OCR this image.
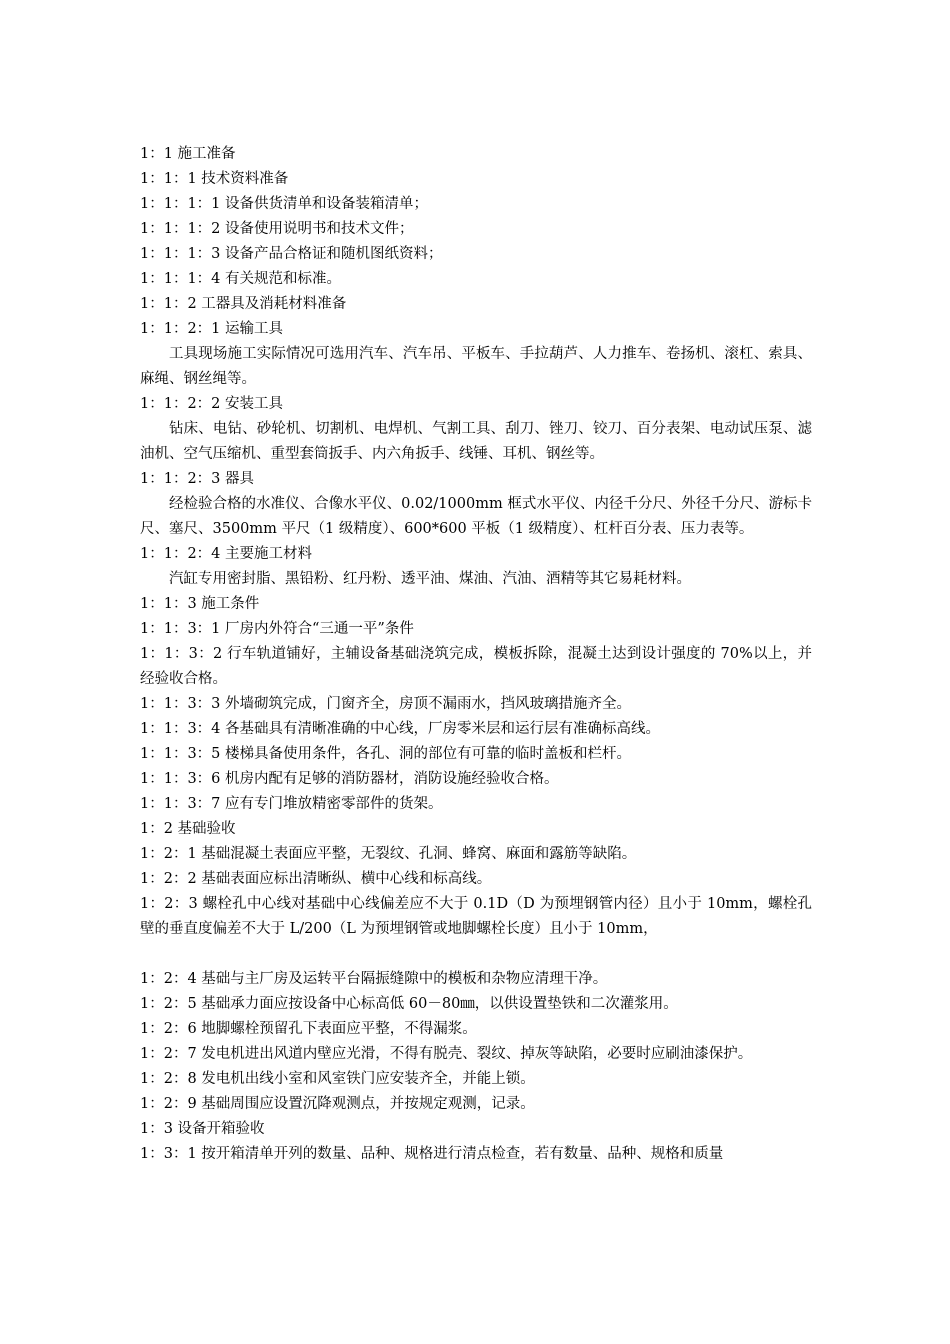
1：1 施工准备

1：1：1 技术资料准备

1：1：1：1 设备供货清单和设备装箱清单；

1：1：1：2 设备使用说明书和技术文件；

1：1：1：3 设备产品合格证和随机图纸资料；

1：1：1：4 有关规范和标准。

1：1：2 工器具及消耗材料准备

1：1：2：1 运输工具

工具现场施工实际情况可选用汽车、汽车吊、平板车、手拉葫芦、人力推车、卷扬机、滚杠、索具、麻绳、钢丝绳等。

1：1：2：2 安装工具

钻床、电钻、砂轮机、切割机、电焊机、气割工具、刮刀、锉刀、铰刀、百分表架、电动试压泵、滤油机、空气压缩机、重型套筒扳手、内六角扳手、线锤、耳机、钢丝等。

1：1：2：3 器具

经检验合格的水准仪、合像水平仪、0.02/1000mm 框式水平仪、内径千分尺、外径千分尺、游标卡尺、塞尺、3500mm 平尺（1 级精度）、600*600 平板（1 级精度）、杠杆百分表、压力表等。

1：1：2：4 主要施工材料

汽缸专用密封脂、黑铅粉、红丹粉、透平油、煤油、汽油、酒精等其它易耗材料。

1：1：3 施工条件

1：1：3：1 厂房内外符合“三通一平”条件

1：1：3：2 行车轨道铺好，主辅设备基础浇筑完成，模板拆除，混凝土达到设计强度的 70%以上，并经验收合格。

1：1：3：3 外墙砌筑完成，门窗齐全，房顶不漏雨水，挡风玻璃措施齐全。

1：1：3：4 各基础具有清晰准确的中心线，厂房零米层和运行层有准确标高线。

1：1：3：5 楼梯具备使用条件，各孔、洞的部位有可靠的临时盖板和栏杆。

1：1：3：6 机房内配有足够的消防器材，消防设施经验收合格。

1：1：3：7 应有专门堆放精密零部件的货架。

1：2 基础验收

1：2：1 基础混凝土表面应平整，无裂纹、孔洞、蜂窝、麻面和露筋等缺陷。

1：2：2 基础表面应标出清晰纵、横中心线和标高线。

1：2：3 螺栓孔中心线对基础中心线偏差应不大于 0.1D（D 为预埋钢管内径）且小于 10mm，螺栓孔壁的垂直度偏差不大于 L/200（L 为预埋钢管或地脚螺栓长度）且小于 10mm，

1：2：4 基础与主厂房及运转平台隔振缝隙中的模板和杂物应清理干净。

1：2：5 基础承力面应按设备中心标高低 60－80㎜，以供设置垫铁和二次灌浆用。

1：2：6 地脚螺栓预留孔下表面应平整，不得漏浆。

1：2：7 发电机进出风道内壁应光滑，不得有脱壳、裂纹、掉灰等缺陷，必要时应刷油漆保护。

1：2：8 发电机出线小室和风室铁门应安装齐全，并能上锁。

1：2：9 基础周围应设置沉降观测点，并按规定观测，记录。

1：3 设备开箱验收

1：3：1 按开箱清单开列的数量、品种、规格进行清点检查，若有数量、品种、规格和质量
